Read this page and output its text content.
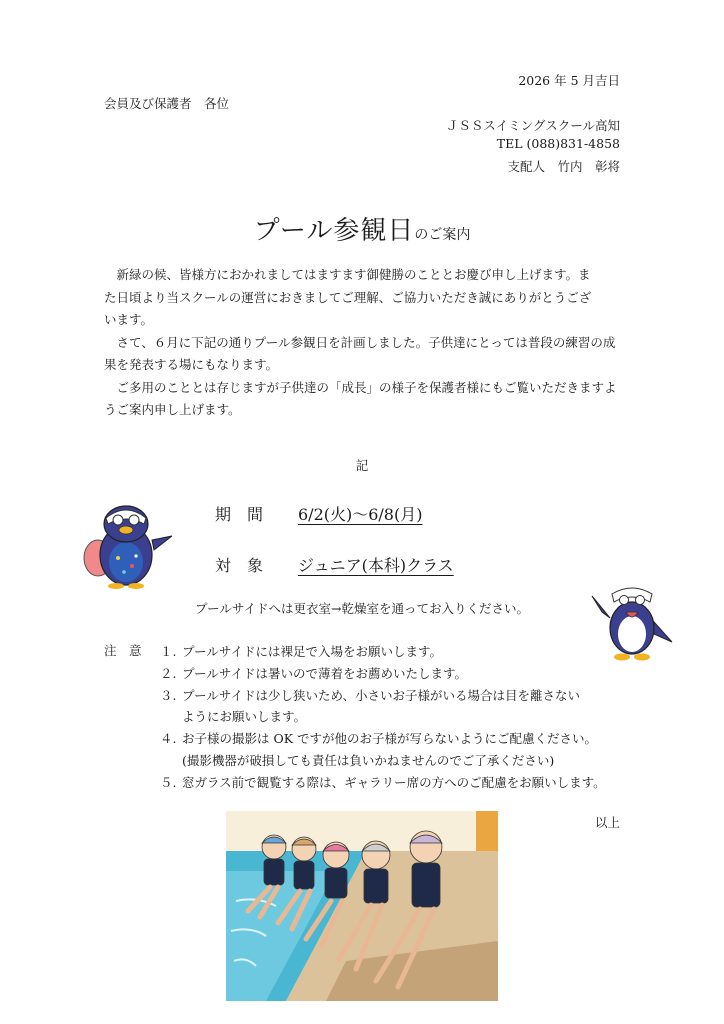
2026 年 5 月吉日
会員及び保護者　各位
ＪＳＳスイミングスクール高知
TEL (088)831-4858
支配人　竹内　彰将
プール参観日のご案内
　新緑の候、皆様方におかれましてはますます御健勝のこととお慶び申し上げます。ま
た日頃より当スクールの運営におきましてご理解、ご協力いただき誠にありがとうござ
います。
　さて、６月に下記の通りプール参観日を計画しました。子供達にとっては普段の練習の成
果を発表する場にもなります。
　ご多用のこととは存じますが子供達の「成長」の様子を保護者様にもご覧いただきますよ
うご案内申し上げます。
記
期　間 6/2(火)～6/8(月)
対　象 ジュニア(本科)クラス
プールサイドへは更衣室→乾燥室を通ってお入りください。
注　意 １. プールサイドには裸足で入場をお願いします。
２. プールサイドは暑いので薄着をお薦めいたします。
３. プールサイドは少し狭いため、小さいお子様がいる場合は目を離さない
ようにお願いします。
４. お子様の撮影は OK ですが他のお子様が写らないようにご配慮ください。
(撮影機器が破損しても責任は負いかねませんのでご了承ください)
５. 窓ガラス前で観覧する際は、ギャラリー席の方へのご配慮をお願いします。
以上
